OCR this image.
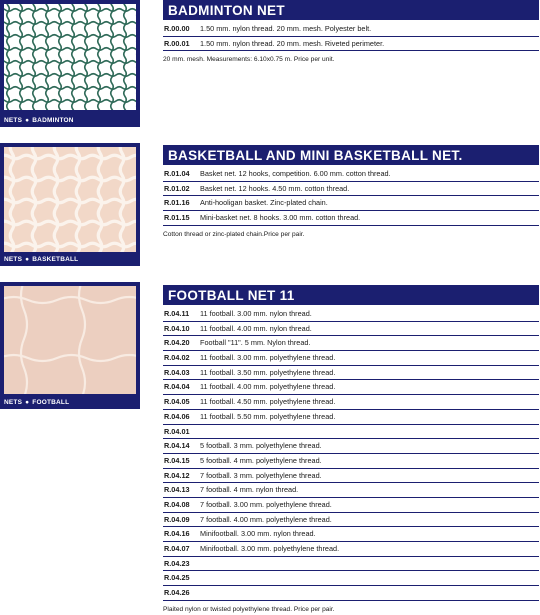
NETS ● BADMINTON
BADMINTON NET
R.00.00	1.50 mm. nylon thread. 20 mm. mesh. Polyester belt.
R.00.01	1.50 mm. nylon thread. 20 mm. mesh. Riveted perimeter.
20 mm. mesh. Measurements: 6.10x0.75 m. Price per unit.
NETS ● BASKETBALL
BASKETBALL AND MINI BASKETBALL NET.
R.01.04	Basket net. 12 hooks, competition. 6.00 mm. cotton thread.
R.01.02	Basket net. 12 hooks. 4.50 mm. cotton thread.
R.01.16	Anti-hooligan basket. Zinc-plated chain.
R.01.15	Mini-basket net. 8 hooks. 3.00 mm. cotton thread.
Cotton thread or zinc-plated chain.Price per pair.
NETS ● FOOTBALL
FOOTBALL NET 11
R.04.11	11 football. 3.00 mm. nylon thread.
R.04.10	11 football. 4.00 mm. nylon thread.
R.04.20	Football "11". 5 mm. Nylon thread.
R.04.02	11 football. 3.00 mm. polyethylene thread.
R.04.03	11 football. 3.50 mm. polyethylene thread.
R.04.04	11 football. 4.00 mm. polyethylene thread.
R.04.05	11 football. 4.50 mm. polyethylene thread.
R.04.06	11 football. 5.50 mm. polyethylene thread.
R.04.01
R.04.14	5 football. 3 mm. polyethylene thread.
R.04.15	5 football. 4 mm. polyethylene thread.
R.04.12	7 football. 3 mm. polyethylene thread.
R.04.13	7 football. 4 mm. nylon thread.
R.04.08	7 football. 3.00 mm. polyethylene thread.
R.04.09	7 football. 4.00 mm. polyethylene thread.
R.04.16	Minifootball. 3.00 mm. nylon thread.
R.04.07	Minifootball. 3.00 mm. polyethylene thread.
R.04.23
R.04.25
R.04.26
Plaited nylon or twisted polyethylene thread. Price per pair.
